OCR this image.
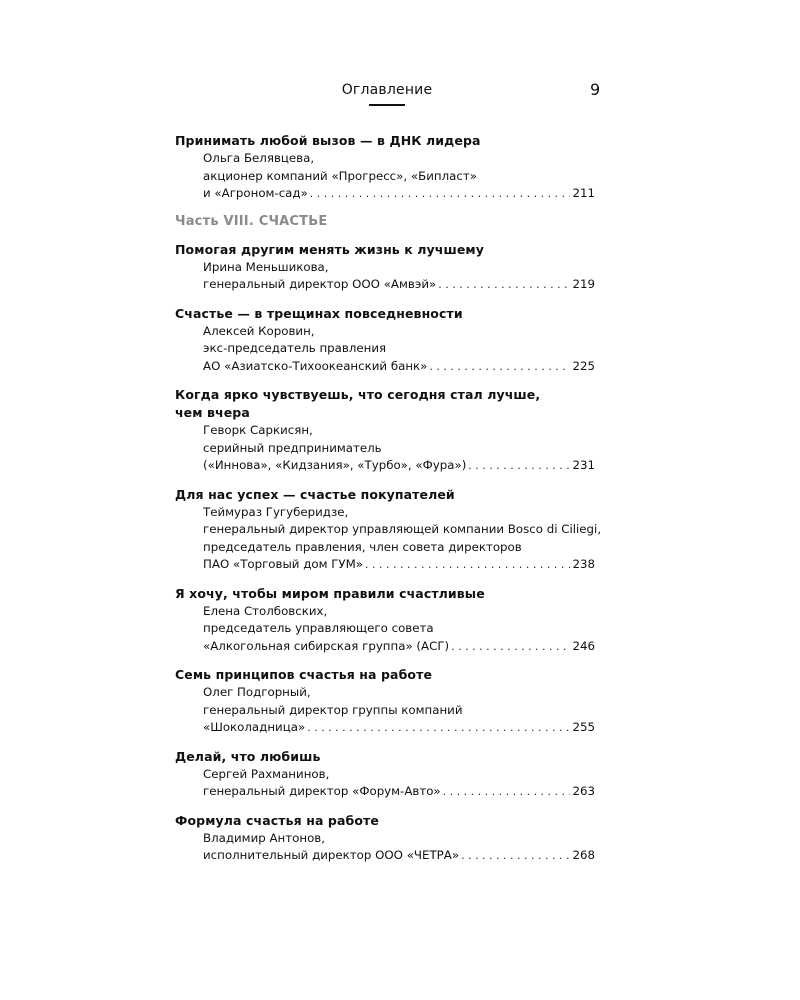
Оглавление	9
Принимать любой вызов — в ДНК лидера
Ольга Белявцева,
акционер компаний «Прогресс», «Бипласт»
и «Агроном-сад» . . .	211
Часть VIII. СЧАСТЬЕ
Помогая другим менять жизнь к лучшему
Ирина Меньшикова,
генеральный директор ООО «Амвэй» . . .	219
Счастье — в трещинах повседневности
Алексей Коровин,
экс-председатель правления
АО «Азиатско-Тихоокеанский банк» . . .	225
Когда ярко чувствуешь, что сегодня стал лучше,
чем вчера
Геворк Саркисян,
серийный предприниматель
(«Иннова», «Кидзания», «Турбо», «Фура») . . .	231
Для нас успех — счастье покупателей
Теймураз Гугуберидзе,
генеральный директор управляющей компании Bosco di Ciliegi,
председатель правления, член совета директоров
ПАО «Торговый дом ГУМ» . . .	238
Я хочу, чтобы миром правили счастливые
Елена Столбовских,
председатель управляющего совета
«Алкогольная сибирская группа» (АСГ) . . .	246
Семь принципов счастья на работе
Олег Подгорный,
генеральный директор группы компаний
«Шоколадница» . . .	255
Делай, что любишь
Сергей Рахманинов,
генеральный директор «Форум-Авто» . . .	263
Формула счастья на работе
Владимир Антонов,
исполнительный директор ООО «ЧЕТРА» . . .	268
